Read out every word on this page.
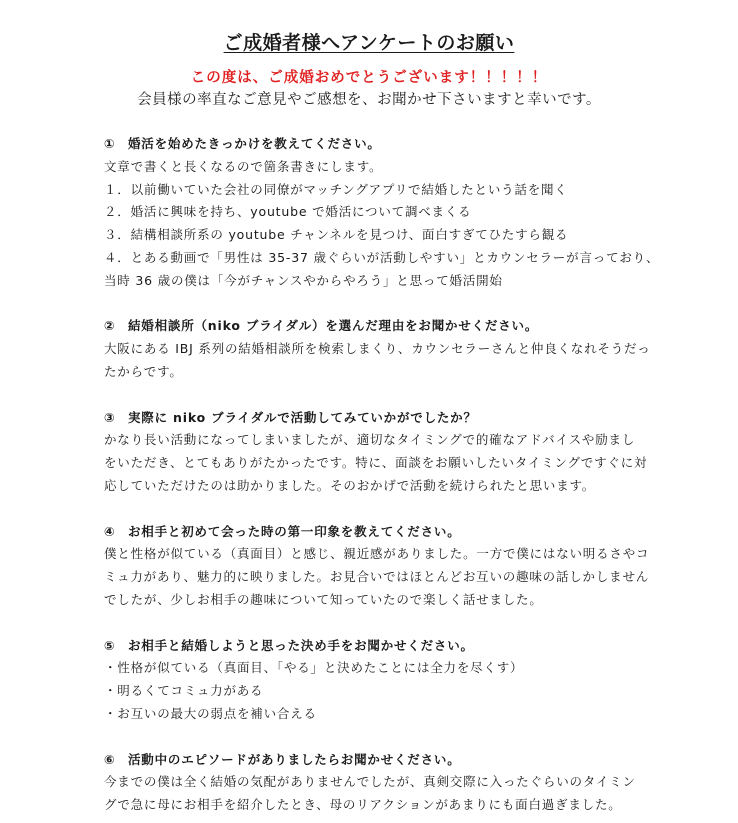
ご成婚者様へアンケートのお願い
この度は、ご成婚おめでとうございます！！！！！
会員様の率直なご意見やご感想を、お聞かせ下さいますと幸いです。

① 婚活を始めたきっかけを教えてください。

文章で書くと長くなるので箇条書きにします。

１．以前働いていた会社の同僚がマッチングアプリで結婚したという話を聞く

２．婚活に興味を持ち、youtube で婚活について調べまくる

３．結構相談所系の youtube チャンネルを見つけ、面白すぎてひたすら観る

４．とある動画で「男性は 35-37 歳ぐらいが活動しやすい」とカウンセラーが言っており、

当時 36 歳の僕は「今がチャンスやからやろう」と思って婚活開始

② 結婚相談所（niko ブライダル）を選んだ理由をお聞かせください。

大阪にある IBJ 系列の結婚相談所を検索しまくり、カウンセラーさんと仲良くなれそうだっ

たからです。

③ 実際に niko ブライダルで活動してみていかがでしたか？

かなり長い活動になってしまいましたが、適切なタイミングで的確なアドバイスや励まし

をいただき、とてもありがたかったです。特に、面談をお願いしたいタイミングですぐに対

応していただけたのは助かりました。そのおかげで活動を続けられたと思います。

④ お相手と初めて会った時の第一印象を教えてください。

僕と性格が似ている（真面目）と感じ、親近感がありました。一方で僕にはない明るさやコ

ミュ力があり、魅力的に映りました。お見合いではほとんどお互いの趣味の話しかしません

でしたが、少しお相手の趣味について知っていたので楽しく話せました。

⑤ お相手と結婚しようと思った決め手をお聞かせください。

・性格が似ている（真面目、「やる」と決めたことには全力を尽くす）

・明るくてコミュ力がある

・お互いの最大の弱点を補い合える

⑥ 活動中のエピソードがありましたらお聞かせください。

今までの僕は全く結婚の気配がありませんでしたが、真剣交際に入ったぐらいのタイミン

グで急に母にお相手を紹介したとき、母のリアクションがあまりにも面白過ぎました。
